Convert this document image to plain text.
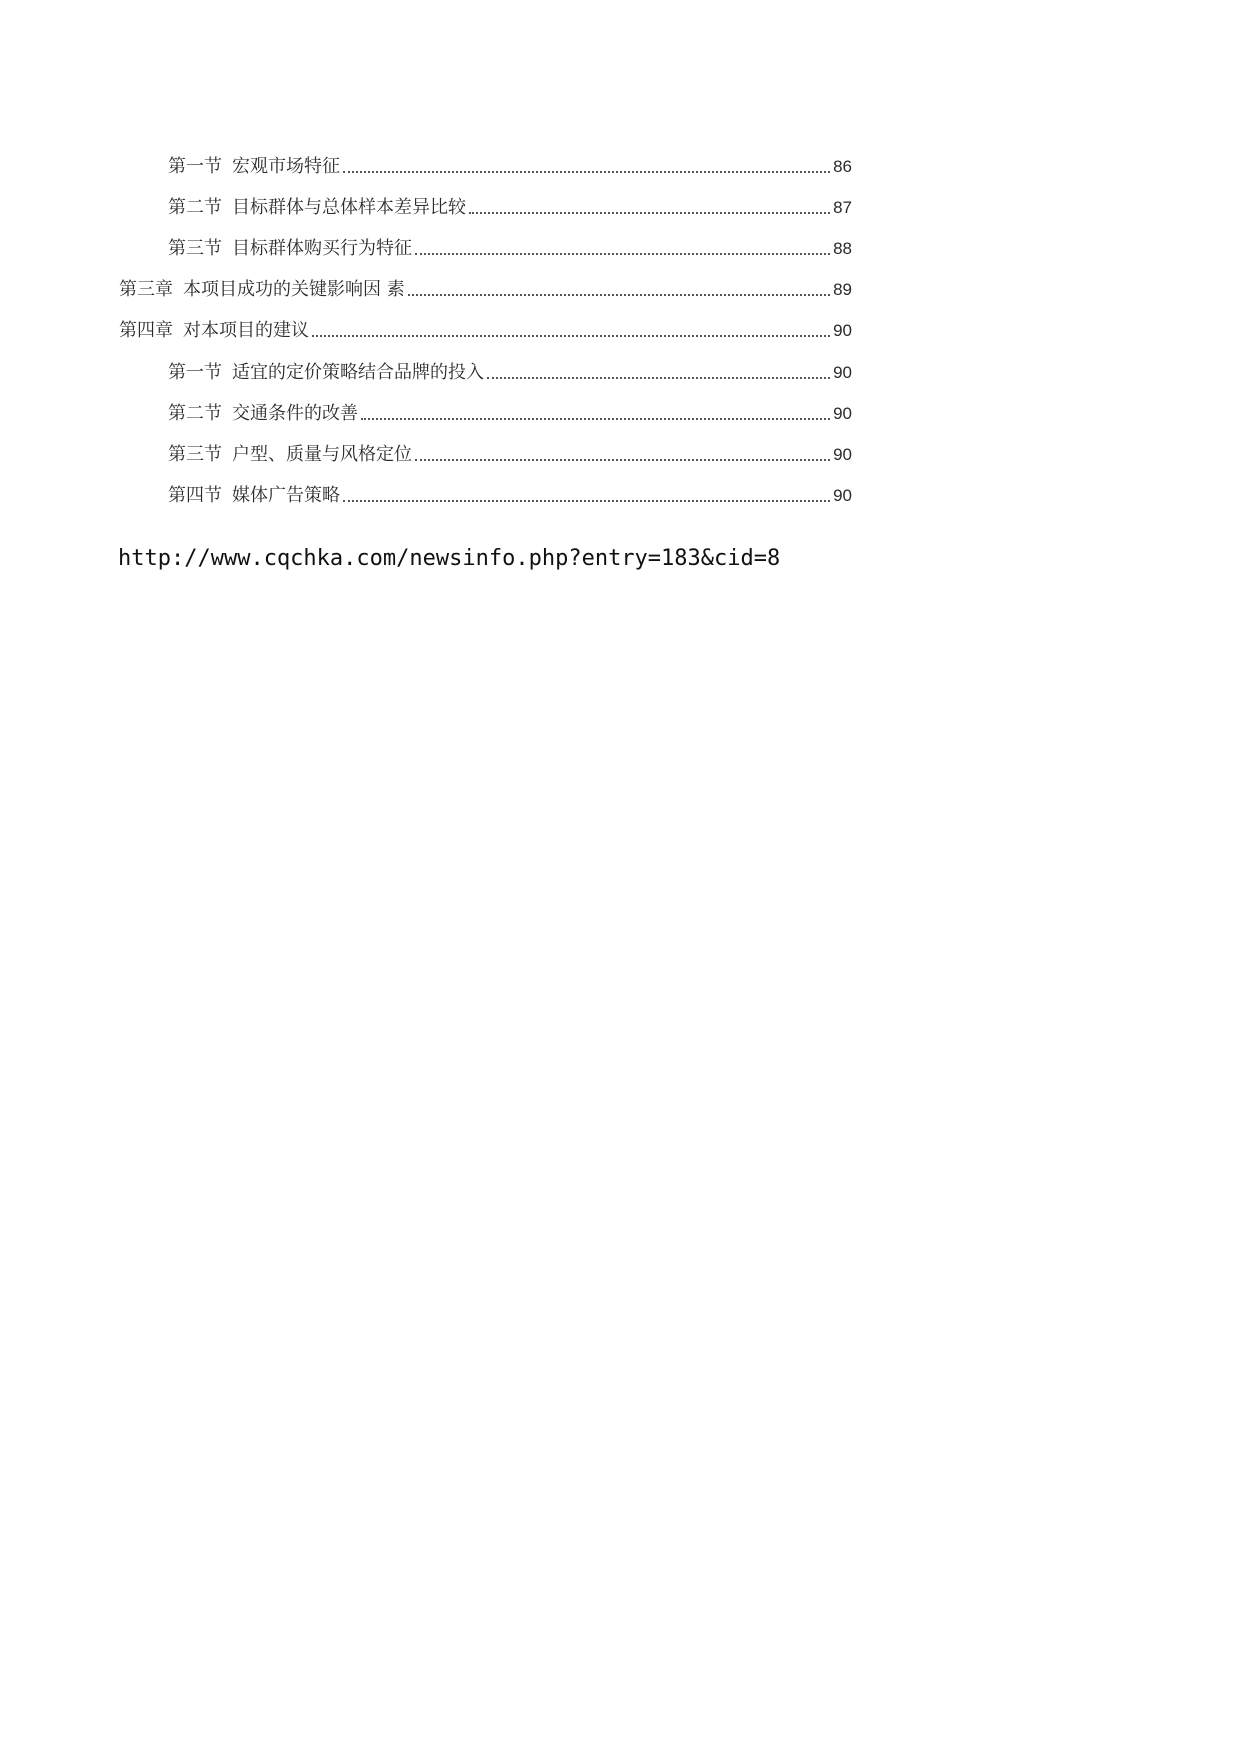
第一节 宏观市场特征	86
第二节 目标群体与总体样本差异比较	87
第三节 目标群体购买行为特征	88
第三章 本项目成功的关键影响因 素	89
第四章 对本项目的建议	90
第一节 适宜的定价策略结合品牌的投入	90
第二节 交通条件的改善	90
第三节 户型、质量与风格定位	90
第四节 媒体广告策略	90
http://www.cqchka.com/newsinfo.php?entry=183&cid=8
